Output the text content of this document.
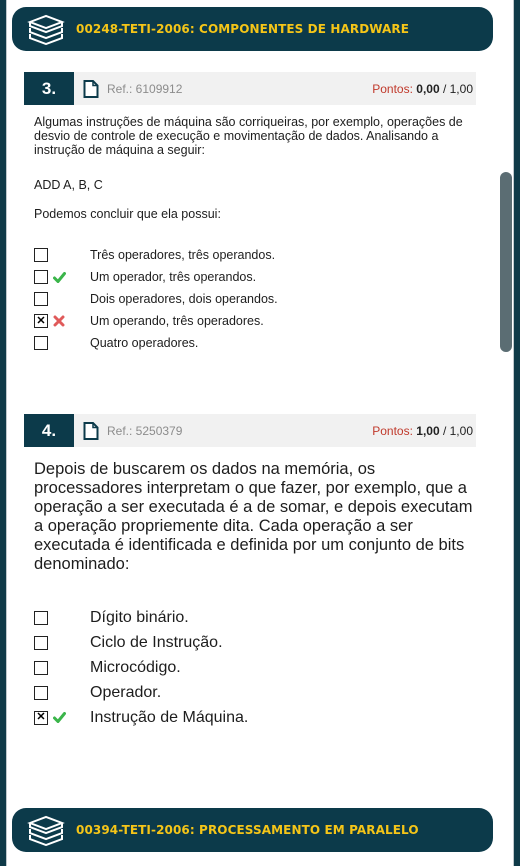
00248-TETI-2006: COMPONENTES DE HARDWARE
3.	Ref.: 6109912	Pontos: 0,00 / 1,00
Algumas instruções de máquina são corriqueiras, por exemplo, operações de desvio de controle de execução e movimentação de dados. Analisando a instrução de máquina a seguir:
ADD A, B, C
Podemos concluir que ela possui:
Três operadores, três operandos.
Um operador, três operandos.
Dois operadores, dois operandos.
✕	Um operando, três operadores.
Quatro operadores.
4.	Ref.: 5250379	Pontos: 1,00 / 1,00
Depois de buscarem os dados na memória, os processadores interpretam o que fazer, por exemplo, que a operação a ser executada é a de somar, e depois executam a operação propriemente dita. Cada operação a ser executada é identificada e definida por um conjunto de bits denominado:
Dígito binário.
Ciclo de Instrução.
Microcódigo.
Operador.
✕	Instrução de Máquina.
00394-TETI-2006: PROCESSAMENTO EM PARALELO
